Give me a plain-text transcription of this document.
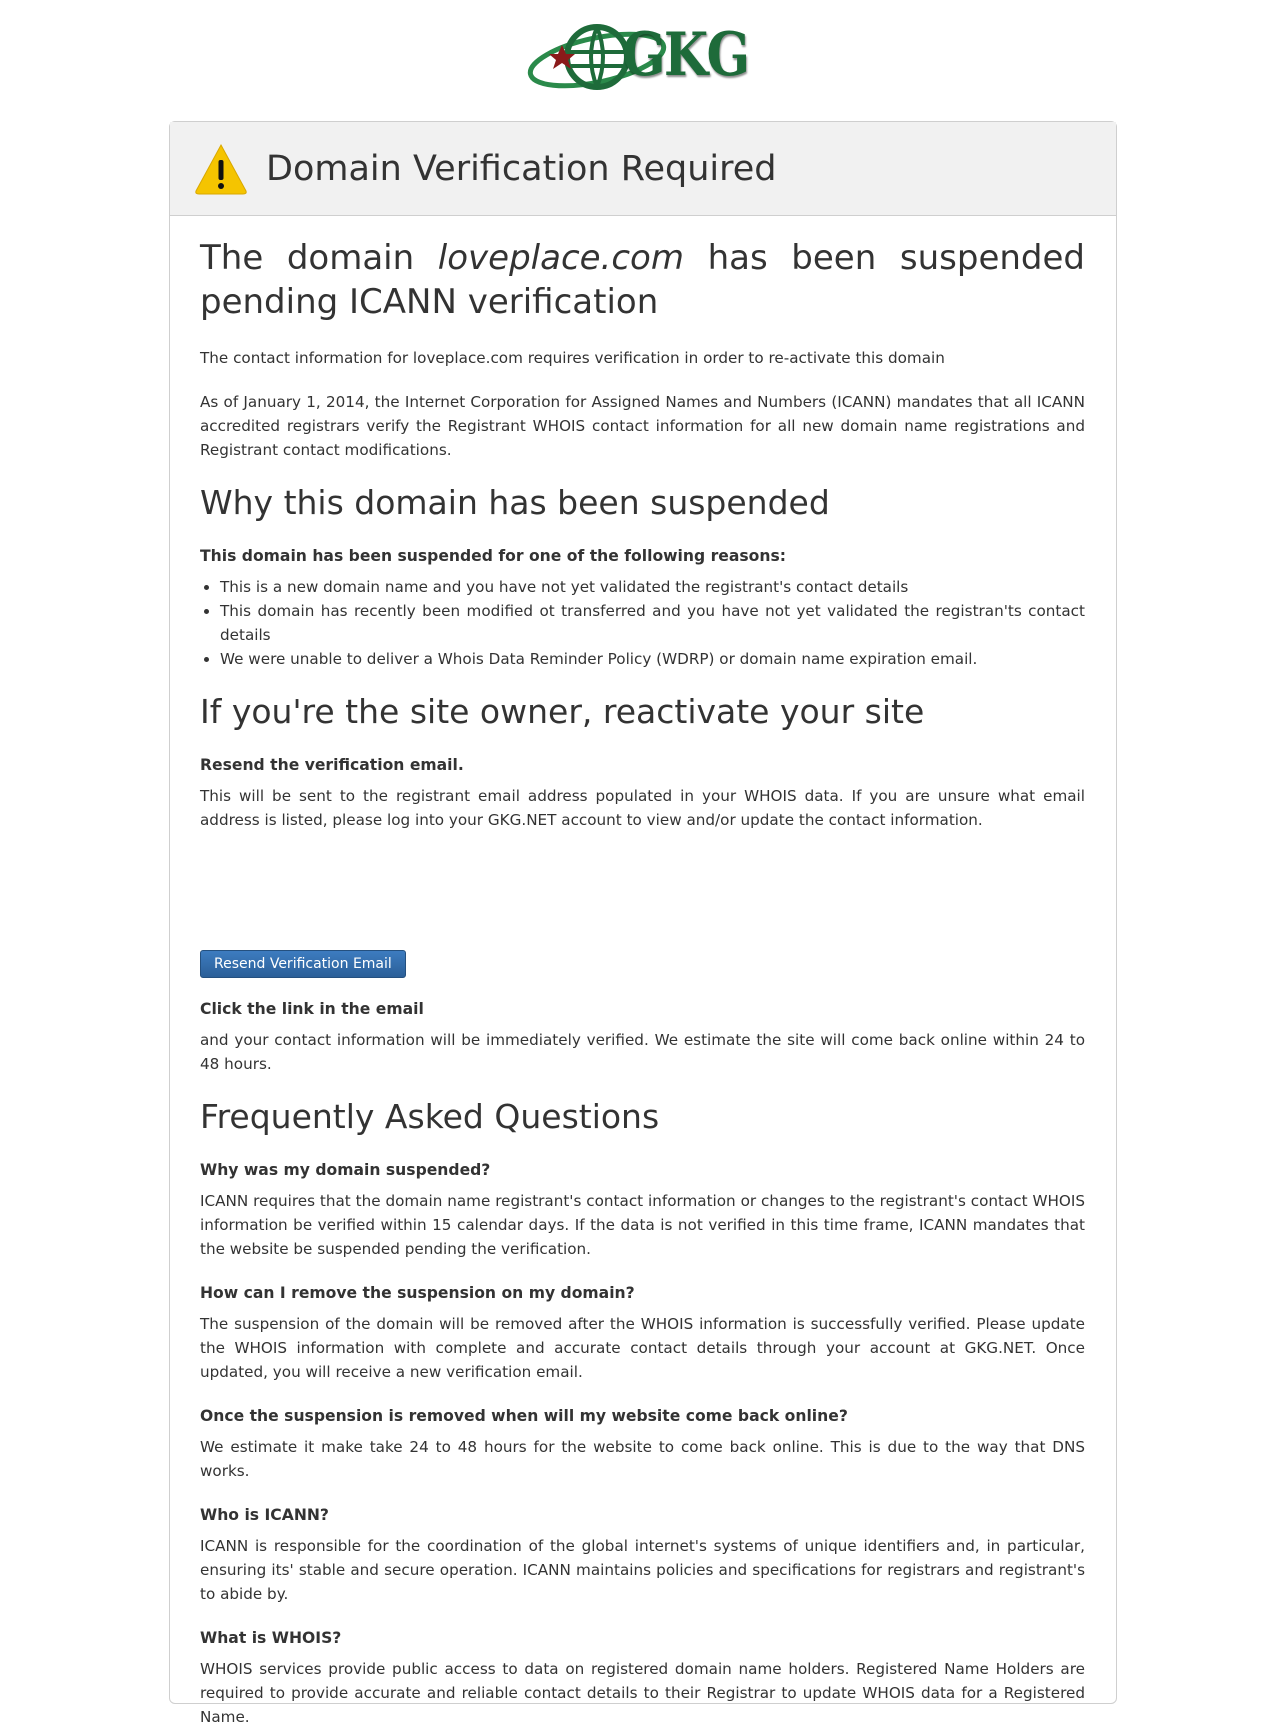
GKG
Domain Verification Required
The domain loveplace.com has been suspended pending ICANN verification

The contact information for loveplace.com requires verification in order to re-activate this domain

As of January 1, 2014, the Internet Corporation for Assigned Names and Numbers (ICANN) mandates that all ICANN accredited registrars verify the Registrant WHOIS contact information for all new domain name registrations and Registrant contact modifications.

Why this domain has been suspended
This domain has been suspended for one of the following reasons:
• This is a new domain name and you have not yet validated the registrant's contact details
• This domain has recently been modified ot transferred and you have not yet validated the registran'ts contact details
• We were unable to deliver a Whois Data Reminder Policy (WDRP) or domain name expiration email.
If you're the site owner, reactivate your site
Resend the verification email.

This will be sent to the registrant email address populated in your WHOIS data. If you are unsure what email address is listed, please log into your GKG.NET account to view and/or update the contact information.

Resend Verification Email
Click the link in the email

and your contact information will be immediately verified. We estimate the site will come back online within 24 to 48 hours.

Frequently Asked Questions
Why was my domain suspended?

ICANN requires that the domain name registrant's contact information or changes to the registrant's contact WHOIS information be verified within 15 calendar days. If the data is not verified in this time frame, ICANN mandates that the website be suspended pending the verification.

How can I remove the suspension on my domain?

The suspension of the domain will be removed after the WHOIS information is successfully verified. Please update the WHOIS information with complete and accurate contact details through your account at GKG.NET. Once updated, you will receive a new verification email.

Once the suspension is removed when will my website come back online?

We estimate it make take 24 to 48 hours for the website to come back online. This is due to the way that DNS works.

Who is ICANN?

ICANN is responsible for the coordination of the global internet's systems of unique identifiers and, in particular, ensuring its' stable and secure operation. ICANN maintains policies and specifications for registrars and registrant's to abide by.

What is WHOIS?

WHOIS services provide public access to data on registered domain name holders. Registered Name Holders are required to provide accurate and reliable contact details to their Registrar to update WHOIS data for a Registered Name.
